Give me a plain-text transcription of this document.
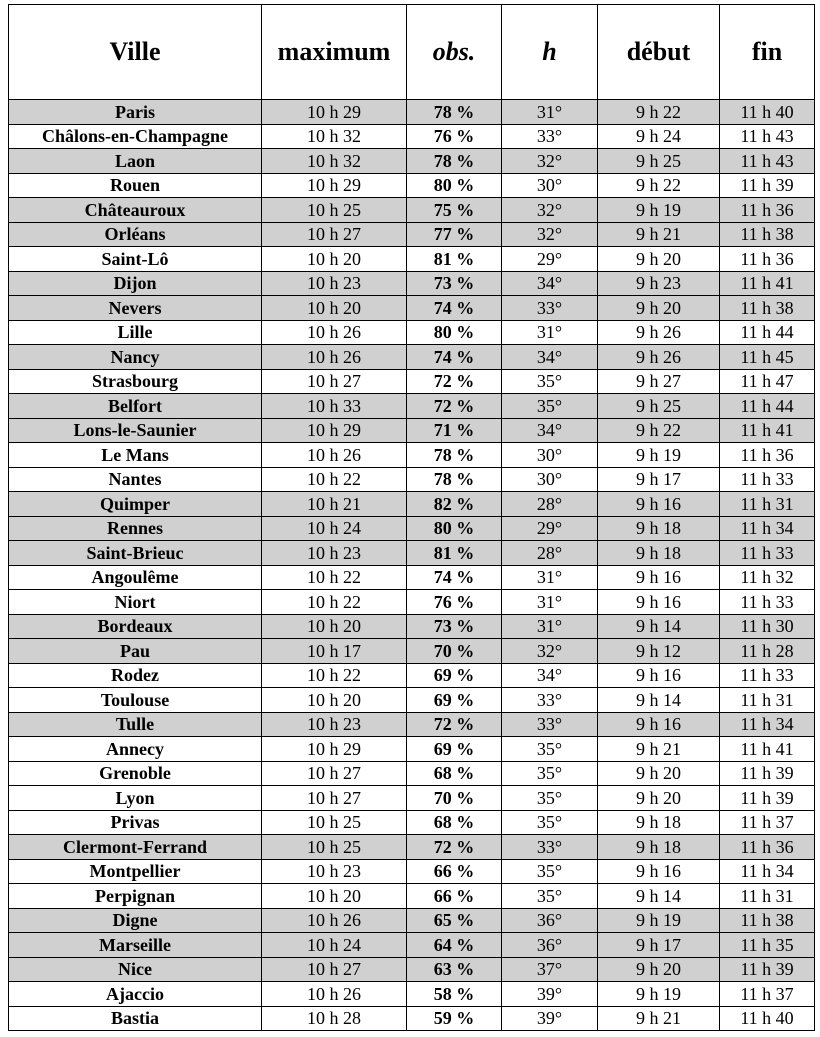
Ville	maximum	obs.	h	début	fin
Paris	10 h 29	78 %	31°	9 h 22	11 h 40
Châlons-en-Champagne	10 h 32	76 %	33°	9 h 24	11 h 43
Laon	10 h 32	78 %	32°	9 h 25	11 h 43
Rouen	10 h 29	80 %	30°	9 h 22	11 h 39
Châteauroux	10 h 25	75 %	32°	9 h 19	11 h 36
Orléans	10 h 27	77 %	32°	9 h 21	11 h 38
Saint-Lô	10 h 20	81 %	29°	9 h 20	11 h 36
Dijon	10 h 23	73 %	34°	9 h 23	11 h 41
Nevers	10 h 20	74 %	33°	9 h 20	11 h 38
Lille	10 h 26	80 %	31°	9 h 26	11 h 44
Nancy	10 h 26	74 %	34°	9 h 26	11 h 45
Strasbourg	10 h 27	72 %	35°	9 h 27	11 h 47
Belfort	10 h 33	72 %	35°	9 h 25	11 h 44
Lons-le-Saunier	10 h 29	71 %	34°	9 h 22	11 h 41
Le Mans	10 h 26	78 %	30°	9 h 19	11 h 36
Nantes	10 h 22	78 %	30°	9 h 17	11 h 33
Quimper	10 h 21	82 %	28°	9 h 16	11 h 31
Rennes	10 h 24	80 %	29°	9 h 18	11 h 34
Saint-Brieuc	10 h 23	81 %	28°	9 h 18	11 h 33
Angoulême	10 h 22	74 %	31°	9 h 16	11 h 32
Niort	10 h 22	76 %	31°	9 h 16	11 h 33
Bordeaux	10 h 20	73 %	31°	9 h 14	11 h 30
Pau	10 h 17	70 %	32°	9 h 12	11 h 28
Rodez	10 h 22	69 %	34°	9 h 16	11 h 33
Toulouse	10 h 20	69 %	33°	9 h 14	11 h 31
Tulle	10 h 23	72 %	33°	9 h 16	11 h 34
Annecy	10 h 29	69 %	35°	9 h 21	11 h 41
Grenoble	10 h 27	68 %	35°	9 h 20	11 h 39
Lyon	10 h 27	70 %	35°	9 h 20	11 h 39
Privas	10 h 25	68 %	35°	9 h 18	11 h 37
Clermont-Ferrand	10 h 25	72 %	33°	9 h 18	11 h 36
Montpellier	10 h 23	66 %	35°	9 h 16	11 h 34
Perpignan	10 h 20	66 %	35°	9 h 14	11 h 31
Digne	10 h 26	65 %	36°	9 h 19	11 h 38
Marseille	10 h 24	64 %	36°	9 h 17	11 h 35
Nice	10 h 27	63 %	37°	9 h 20	11 h 39
Ajaccio	10 h 26	58 %	39°	9 h 19	11 h 37
Bastia	10 h 28	59 %	39°	9 h 21	11 h 40
